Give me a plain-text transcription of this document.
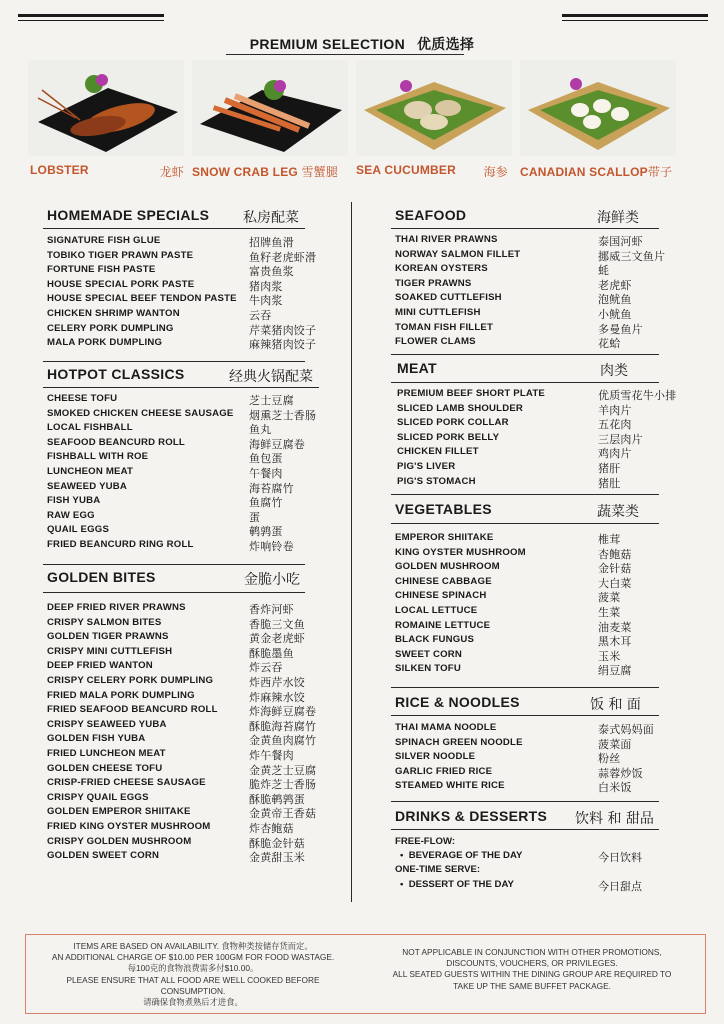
PREMIUM SELECTION 优质选择
LOBSTER	龙虾 SNOW CRAB LEG 雪蟹腿	SEA CUCUMBER 海参 CANADIAN SCALLOP带子
HOMEMADE SPECIALS 私房配菜
SIGNATURE FISH GLUE	招牌鱼滑
TOBIKO TIGER PRAWN PASTE	鱼籽老虎虾滑
FORTUNE FISH PASTE	富贵鱼浆
HOUSE SPECIAL PORK PASTE	猪肉浆
HOUSE SPECIAL BEEF TENDON PASTE 牛肉浆
CHICKEN SHRIMP WANTON	云吞
CELERY PORK DUMPLING	芹菜猪肉饺子
MALA PORK DUMPLING	麻辣猪肉饺子
HOTPOT CLASSICS	经典火锅配菜
CHEESE TOFU	芝士豆腐
SMOKED CHICKEN CHEESE SAUSAGE 烟熏芝士香肠
LOCAL FISHBALL	鱼丸
SEAFOOD BEANCURD ROLL	海鲜豆腐卷
FISHBALL WITH ROE	鱼包蛋
LUNCHEON MEAT	午餐肉
SEAWEED YUBA	海苔腐竹
FISH YUBA	鱼腐竹
RAW EGG	蛋
QUAIL EGGS	鹌鹑蛋
FRIED BEANCURD RING ROLL	炸响铃卷
GOLDEN BITES	金脆小吃
DEEP FRIED RIVER PRAWNS	香炸河虾
CRISPY SALMON BITES	香脆三文鱼
GOLDEN TIGER PRAWNS	黄金老虎虾
CRISPY MINI CUTTLEFISH	酥脆墨鱼
DEEP FRIED WANTON	炸云吞
CRISPY CELERY PORK DUMPLING	炸西芹水饺
FRIED MALA PORK DUMPLING	炸麻辣水饺
FRIED SEAFOOD BEANCURD ROLL	炸海鲜豆腐卷
CRISPY SEAWEED YUBA	酥脆海苔腐竹
GOLDEN FISH YUBA	金黄鱼肉腐竹
FRIED LUNCHEON MEAT	炸午餐肉
GOLDEN CHEESE TOFU	金黄芝士豆腐
CRISP-FRIED CHEESE SAUSAGE	脆炸芝士香肠
CRISPY QUAIL EGGS	酥脆鹌鹑蛋
GOLDEN EMPEROR SHIITAKE	金黄帝王香菇
FRIED KING OYSTER MUSHROOM	炸杏鲍菇
CRISPY GOLDEN MUSHROOM	酥脆金针菇
GOLDEN SWEET CORN	金黄甜玉米
SEAFOOD	海鲜类
THAI RIVER PRAWNS	泰国河虾
NORWAY SALMON FILLET	挪威三文鱼片
KOREAN OYSTERS	蚝
TIGER PRAWNS	老虎虾
SOAKED CUTTLEFISH	泡鱿鱼
MINI CUTTLEFISH	小鱿鱼
TOMAN FISH FILLET	多曼鱼片
FLOWER CLAMS	花蛤
MEAT	肉类
PREMIUM BEEF SHORT PLATE	优质雪花牛小排
SLICED LAMB SHOULDER	羊肉片
SLICED PORK COLLAR	五花肉
SLICED PORK BELLY	三层肉片
CHICKEN FILLET	鸡肉片
PIG'S LIVER	猪肝
PIG'S STOMACH	猪肚
VEGETABLES	蔬菜类
EMPEROR SHIITAKE	椎茸
KING OYSTER MUSHROOM	杏鲍菇
GOLDEN MUSHROOM	金针菇
CHINESE CABBAGE	大白菜
CHINESE SPINACH	菠菜
LOCAL LETTUCE	生菜
ROMAINE LETTUCE	油麦菜
BLACK FUNGUS	黑木耳
SWEET CORN	玉米
SILKEN TOFU	绢豆腐
RICE & NOODLES	饭 和 面
THAI MAMA NOODLE	泰式妈妈面
SPINACH GREEN NOODLE	菠菜面
SILVER NOODLE	粉丝
GARLIC FRIED RICE	蒜蓉炒饭
STEAMED WHITE RICE	白米饭
DRINKS & DESSERTS 饮料 和 甜品
FREE-FLOW:
•  BEVERAGE OF THE DAY	今日饮料
ONE-TIME SERVE:
•  DESSERT OF THE DAY	今日甜点
ITEMS ARE BASED ON AVAILABILITY. 食物种类按储存货而定。
AN ADDITIONAL CHARGE OF $10.00 PER 100GM FOR FOOD WASTAGE.
每100克的食物浪费需多付$10.00。
PLEASE ENSURE THAT ALL FOOD ARE WELL COOKED BEFORE
CONSUMPTION.
请确保食物煮熟后才进食。
NOT APPLICABLE IN CONJUNCTION WITH OTHER PROMOTIONS,
DISCOUNTS, VOUCHERS, OR PRIVILEGES.
ALL SEATED GUESTS WITHIN THE DINING GROUP ARE REQUIRED TO
TAKE UP THE SAME BUFFET PACKAGE.
